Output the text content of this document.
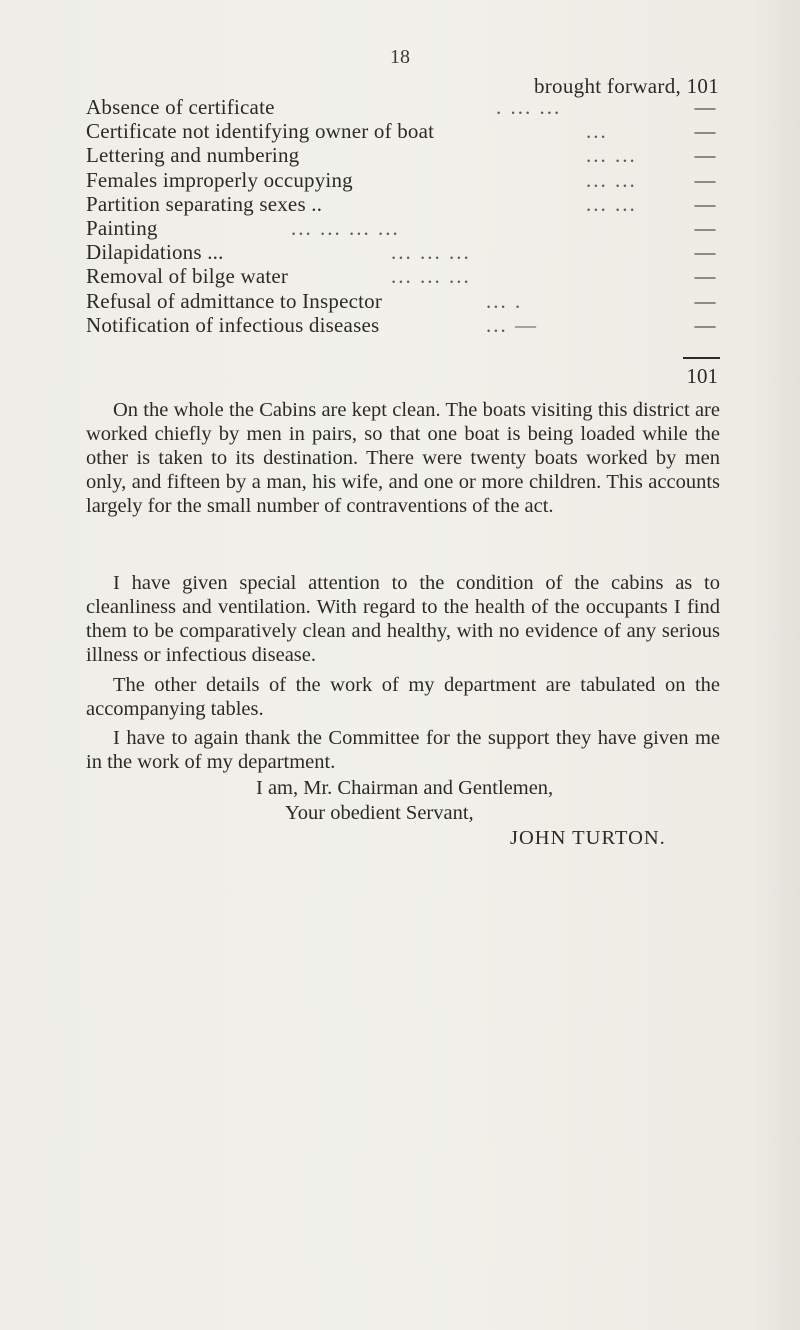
18
brought forward, 101
Absence of certificate	. ... ...	—
Certificate not identifying owner of boat	...	—
Lettering and numbering	... ...	—
Females improperly occupying	... ...	—
Partition separating sexes ..	... ...	—
Painting	... ... ... ...	—
Dilapidations ...	... ... ...	—
Removal of bilge water	... ... ...	—
Refusal of admittance to Inspector	... .	—
Notification of infectious diseases	... —	—
101

On the whole the Cabins are kept clean. The boats visiting this district are worked chiefly by men in pairs, so that one boat is being loaded while the other is taken to its destination. There were twenty boats worked by men only, and fifteen by a man, his wife, and one or more children. This accounts largely for the small number of contraventions of the act.

I have given special attention to the condition of the cabins as to cleanliness and ventilation. With regard to the health of the occupants I find them to be comparatively clean and healthy, with no evidence of any serious illness or infectious disease.

The other details of the work of my department are tabulated on the accompanying tables.

I have to again thank the Committee for the support they have given me in the work of my department.

I am, Mr. Chairman and Gentlemen,
Your obedient Servant,
JOHN TURTON.
